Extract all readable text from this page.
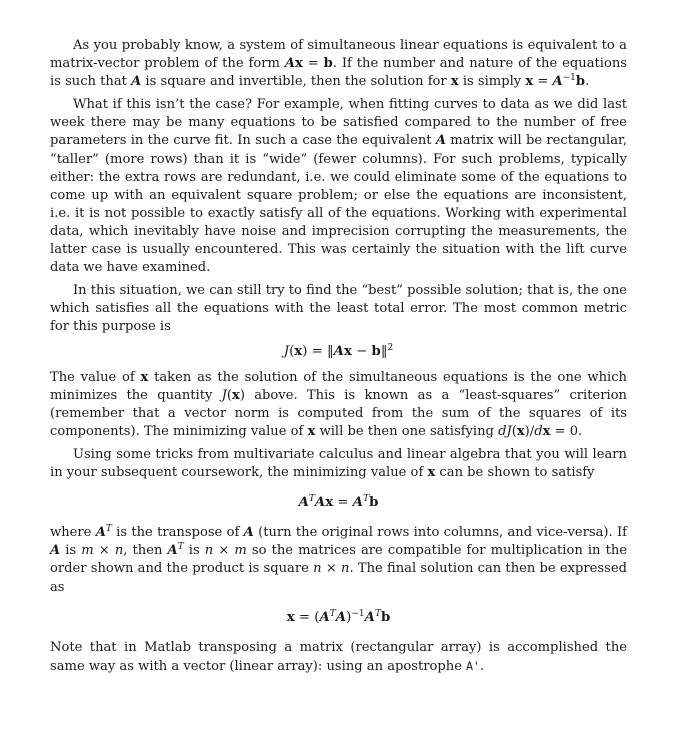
As you probably know, a system of simultaneous linear equations is equivalent to a matrix-vector problem of the form Ax = b. If the number and nature of the equations is such that A is square and invertible, then the solution for x is simply $x = A^{-1}b$.

What if this isn’t the case? For example, when fitting curves to data as we did last week there may be many equations to be satisfied compared to the number of free parameters in the curve fit. In such a case the equivalent A matrix will be rectangular, “taller” (more rows) than it is “wide” (fewer columns). For such problems, typically either: the extra rows are redundant, i.e. we could eliminate some of the equations to come up with an equivalent square problem; or else the equations are inconsistent, i.e. it is not possible to exactly satisfy all of the equations. Working with experimental data, which inevitably have noise and imprecision corrupting the measurements, the latter case is usually encountered. This was certainly the situation with the lift curve data we have examined.

In this situation, we can still try to find the “best” possible solution; that is, the one which satisfies all the equations with the least total error. The most common metric for this purpose is

J(x) = ‖Ax − b‖$^2$

The value of x taken as the solution of the simultaneous equations is the one which minimizes the quantity J(x) above. This is known as a “least-squares” criterion (remember that a vector norm is computed from the sum of the squares of its components). The minimizing value of x will be then one satisfying dJ(x)/dx = 0.

Using some tricks from multivariate calculus and linear algebra that you will learn in your subsequent coursework, the minimizing value of x can be shown to satisfy

$A^TAx = A^Tb$

where $A^T$ is the transpose of A (turn the original rows into columns, and vice-versa). If A is m × n, then $A^T$ is n × m so the matrices are compatible for multiplication in the order shown and the product is square n × n. The final solution can then be expressed as

$x = (A^TA)^{-1}A^Tb$

Note that in Matlab transposing a matrix (rectangular array) is accomplished the same way as with a vector (linear array): using an apostrophe A'.
